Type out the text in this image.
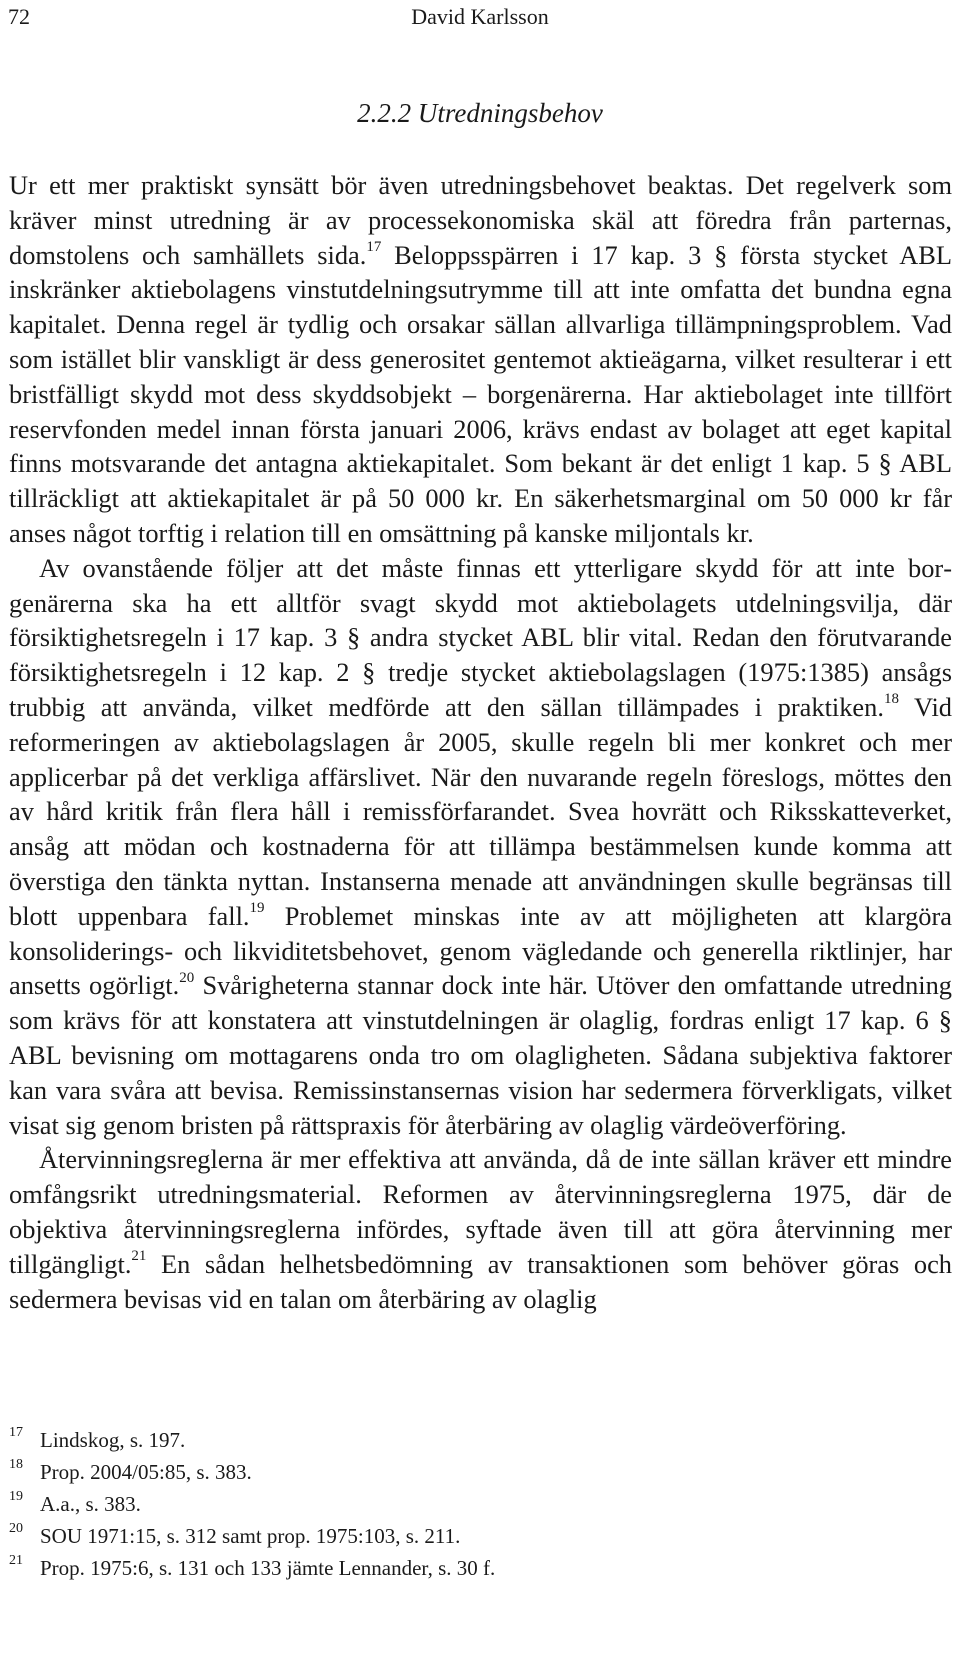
72	David Karlsson
2.2.2 Utredningsbehov

Ur ett mer praktiskt synsätt bör även utredningsbehovet beaktas. Det regelverk som kräver minst utredning är av processekonomiska skäl att föredra från parternas, domstolens och samhällets sida.$^{17}$ Beloppsspärren i 17 kap. 3 § första stycket ABL inskränker aktiebolagens vinstutdelningsutrymme till att inte omfatta det bundna egna kapitalet. Denna regel är tydlig och orsakar sällan allvarliga tillämpningsproblem. Vad som istället blir vanskligt är dess generositet gentemot aktieägarna, vilket resulterar i ett bristfälligt skydd mot dess skyddsobjekt – borgenärerna. Har aktiebolaget inte tillfört reservfonden medel innan första januari 2006, krävs endast av bolaget att eget kapital finns motsvarande det antagna aktiekapitalet. Som bekant är det enligt 1 kap. 5 § ABL tillräckligt att aktiekapitalet är på 50 000 kr. En säkerhetsmarginal om 50 000 kr får anses något torftig i relation till en omsättning på kanske miljontals kr.

Av ovanstående följer att det måste finnas ett ytterligare skydd för att inte borgenärerna ska ha ett alltför svagt skydd mot aktiebolagets utdelningsvilja, där försiktighetsregeln i 17 kap. 3 § andra stycket ABL blir vital. Redan den förutvarande försiktighetsregeln i 12 kap. 2 § tredje stycket aktiebolagslagen (1975:1385) ansågs trubbig att använda, vilket medförde att den sällan tillämpades i praktiken.$^{18}$ Vid reformeringen av aktiebolagslagen år 2005, skulle regeln bli mer konkret och mer applicerbar på det verkliga affärslivet. När den nuvarande regeln föreslogs, möttes den av hård kritik från flera håll i remissförfarandet. Svea hovrätt och Riksskatteverket, ansåg att mödan och kostnaderna för att tillämpa bestämmelsen kunde komma att överstiga den tänkta nyttan. Instanserna menade att användningen skulle begränsas till blott uppenbara fall.$^{19}$ Problemet minskas inte av att möjligheten att klargöra konsoliderings- och likviditetsbehovet, genom vägledande och generella riktlinjer, har ansetts ogörligt.$^{20}$ Svårigheterna stannar dock inte här. Utöver den omfattande utredning som krävs för att konstatera att vinstutdelningen är olaglig, fordras enligt 17 kap. 6 § ABL bevisning om mottagarens onda tro om olagligheten. Sådana subjektiva faktorer kan vara svåra att bevisa. Remissinstansernas vision har sedermera förverkligats, vilket visat sig genom bristen på rättspraxis för återbäring av olaglig värdeöverföring.

Återvinningsreglerna är mer effektiva att använda, då de inte sällan kräver ett mindre omfångsrikt utredningsmaterial. Reformen av återvinningsreglerna 1975, där de objektiva återvinningsreglerna infördes, syftade även till att göra återvinning mer tillgängligt.$^{21}$ En sådan helhetsbedömning av transaktionen som behöver göras och sedermera bevisas vid en talan om återbäring av olaglig

17 Lindskog, s. 197.
18 Prop. 2004/05:85, s. 383.
19 A.a., s. 383.
20 SOU 1971:15, s. 312 samt prop. 1975:103, s. 211.
21 Prop. 1975:6, s. 131 och 133 jämte Lennander, s. 30 f.
